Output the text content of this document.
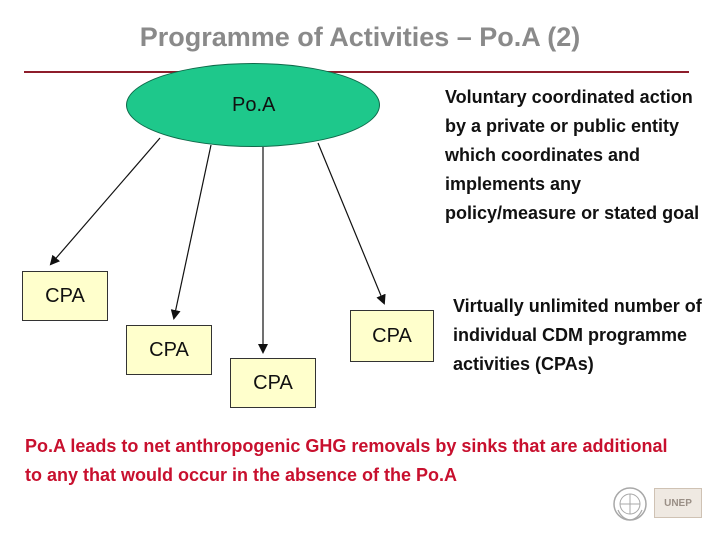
Programme of Activities – Po.A (2)
Po.A	Voluntary coordinated action by a private or public entity which coordinates and implements any policy/measure or stated goal
CPA
CPA
CPA
CPA
Virtually unlimited number of individual CDM programme activities (CPAs)
Po.A leads to net anthropogenic GHG removals by sinks that are additional to any that would occur in the absence of the Po.A
UNEP
